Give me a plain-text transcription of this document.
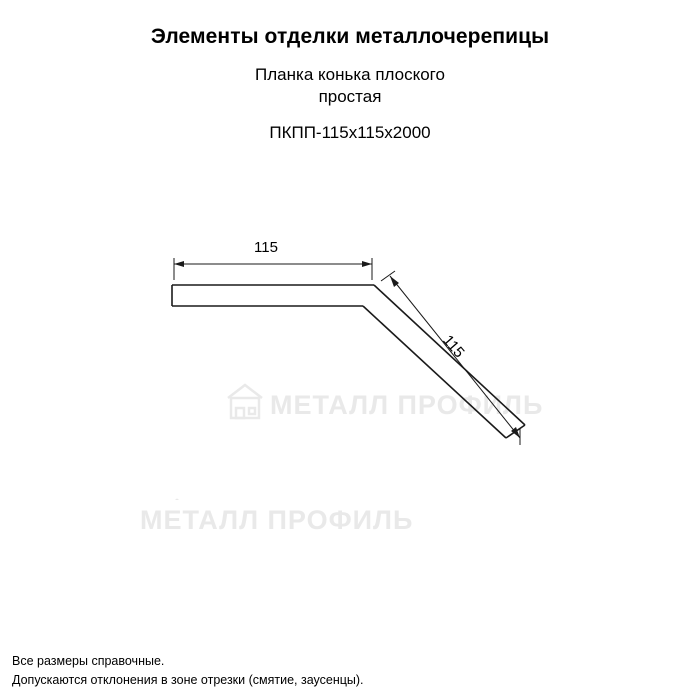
Элементы отделки металлочерепицы
Планка конька плоского
простая
ПКПП-115х115х2000
МЕТАЛЛ ПРОФИЛЬ
МЕТАЛЛ ПРОФИЛЬ
115
115
Все размеры справочные.
Допускаются отклонения в зоне отрезки (смятие, заусенцы).
